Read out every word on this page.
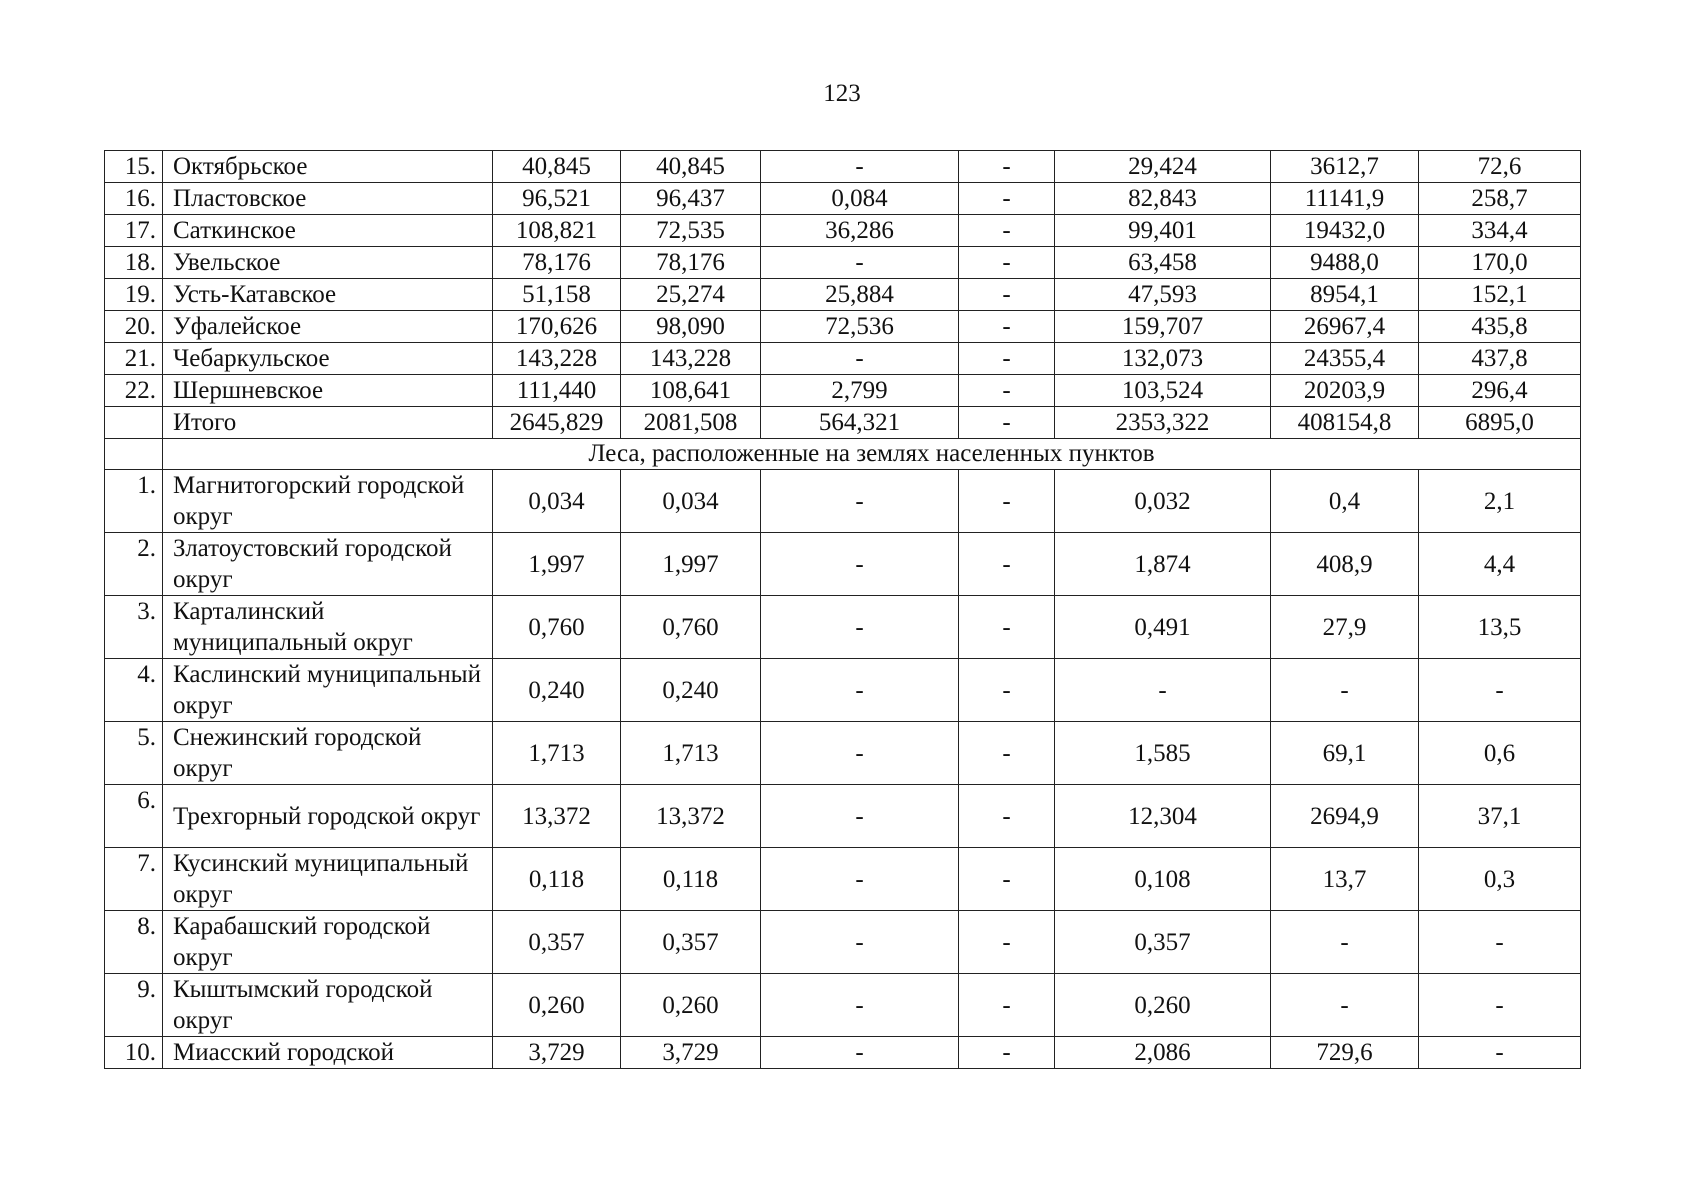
123
15.	Октябрьское	40,845	40,845	-	-	29,424	3612,7	72,6
16.	Пластовское	96,521	96,437	0,084	-	82,843	11141,9	258,7
17.	Саткинское	108,821	72,535	36,286	-	99,401	19432,0	334,4
18.	Увельское	78,176	78,176	-	-	63,458	9488,0	170,0
19.	Усть-Катавское	51,158	25,274	25,884	-	47,593	8954,1	152,1
20.	Уфалейское	170,626	98,090	72,536	-	159,707	26967,4	435,8
21.	Чебаркульское	143,228	143,228	-	-	132,073	24355,4	437,8
22.	Шершневское	111,440	108,641	2,799	-	103,524	20203,9	296,4
	Итого	2645,829	2081,508	564,321	-	2353,322	408154,8	6895,0
	Леса, расположенные на землях населенных пунктов							
1.	Магнитогорский городской округ	0,034	0,034	-	-	0,032	0,4	2,1
2.	Златоустовский городской округ	1,997	1,997	-	-	1,874	408,9	4,4
3.	Карталинский муниципальный округ	0,760	0,760	-	-	0,491	27,9	13,5
4.	Каслинский муниципальный округ	0,240	0,240	-	-	-	-	-
5.	Снежинский городской округ	1,713	1,713	-	-	1,585	69,1	0,6
6.	Трехгорный городской округ	13,372	13,372	-	-	12,304	2694,9	37,1
7.	Кусинский муниципальный округ	0,118	0,118	-	-	0,108	13,7	0,3
8.	Карабашский городской округ	0,357	0,357	-	-	0,357	-	-
9.	Кыштымский городской округ	0,260	0,260	-	-	0,260	-	-
10.	Миасский городской	3,729	3,729	-	-	2,086	729,6	-
